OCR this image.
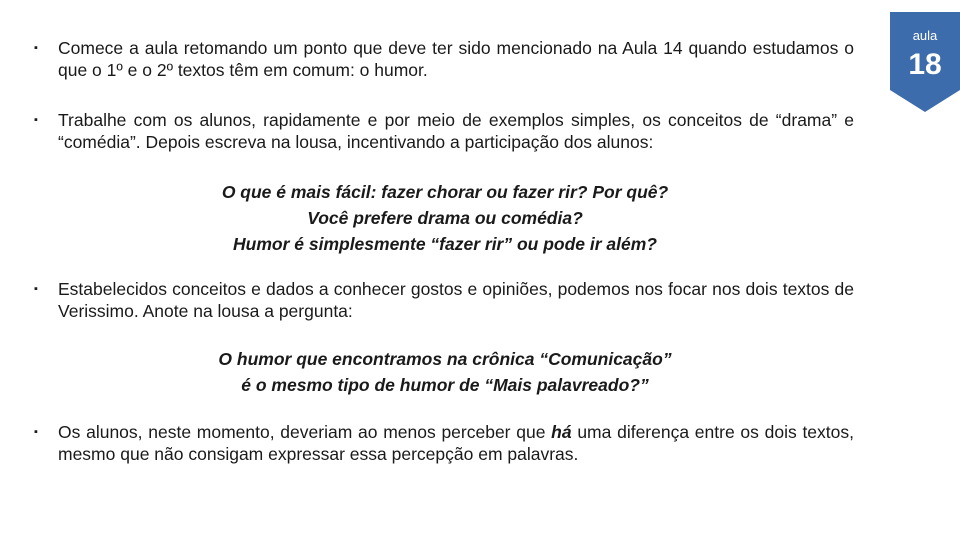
▪	Comece a aula retomando um ponto que deve ter sido mencionado na Aula 14 quando estudamos o que o 1º e o 2º textos têm em comum: o humor.
▪	Trabalhe com os alunos, rapidamente e por meio de exemplos simples, os conceitos de “drama” e “comédia”. Depois escreva na lousa, incentivando a participação dos alunos:
O que é mais fácil: fazer chorar ou fazer rir? Por quê?
Você prefere drama ou comédia?
Humor é simplesmente “fazer rir” ou pode ir além?
▪	Estabelecidos conceitos e dados a conhecer gostos e opiniões, podemos nos focar nos dois textos de Verissimo. Anote na lousa a pergunta:
O humor que encontramos na crônica “Comunicação”
é o mesmo tipo de humor de “Mais palavreado?”
▪	Os alunos, neste momento, deveriam ao menos perceber que há uma diferença entre os dois textos, mesmo que não consigam expressar essa percepção em palavras.
aula
18
